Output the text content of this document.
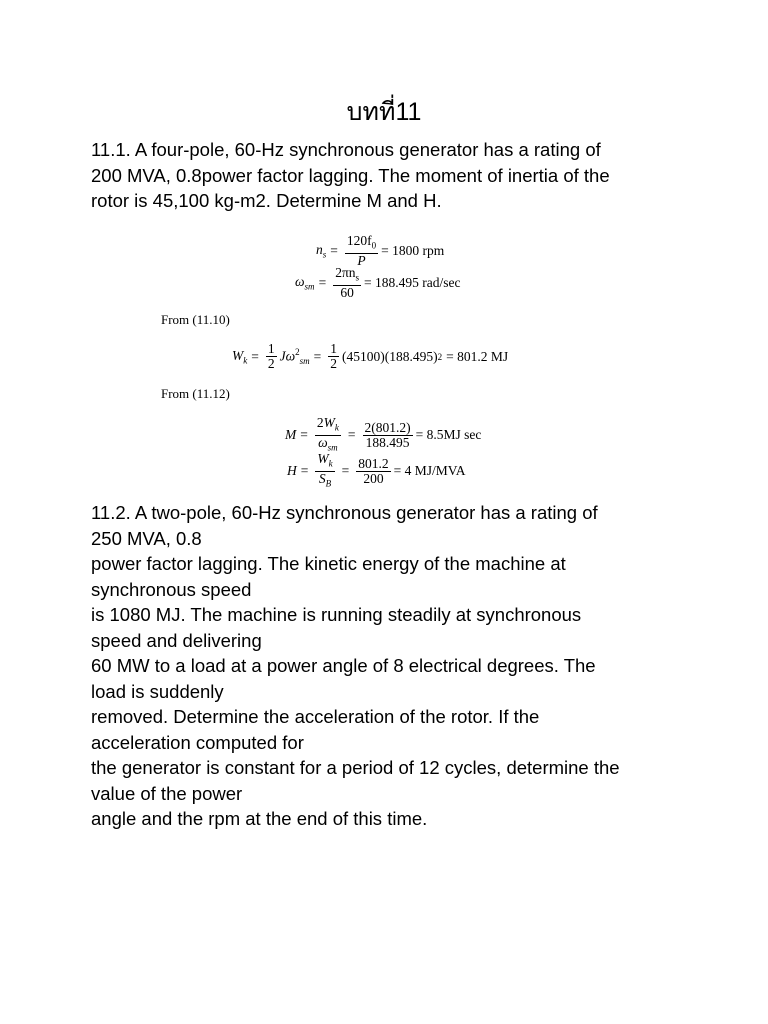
บทที่11
11.1. A four-pole, 60-Hz synchronous generator has a rating of
200 MVA, 0.8power factor lagging. The moment of inertia of the
rotor is 45,100 kg-m2. Determine M and H.
$n_s = \frac{120f_0}{P} = 1800$ rpm
$\omega_{sm} = \frac{2\pi n_s}{60} = 188.495$ rad/sec
From (11.10)
$W_k = \frac{1}{2} J\omega^2_{sm} = \frac{1}{2} (45100)(188.495) 2 = 801.2$ MJ
From (11.12)
$M = \frac{2W_k}{\omega_{sm}} = \frac{2(801.2)}{188.495} = 8.5MJ$ sec
$H = \frac{W_k}{S_B} = \frac{801.2}{200} = 4$ MJ/MVA
11.2. A two-pole, 60-Hz synchronous generator has a rating of
250 MVA, 0.8
power factor lagging. The kinetic energy of the machine at
synchronous speed
is 1080 MJ. The machine is running steadily at synchronous
speed and delivering
60 MW to a load at a power angle of 8 electrical degrees. The
load is suddenly
removed. Determine the acceleration of the rotor. If the
acceleration computed for
the generator is constant for a period of 12 cycles, determine the
value of the power
angle and the rpm at the end of this time.
